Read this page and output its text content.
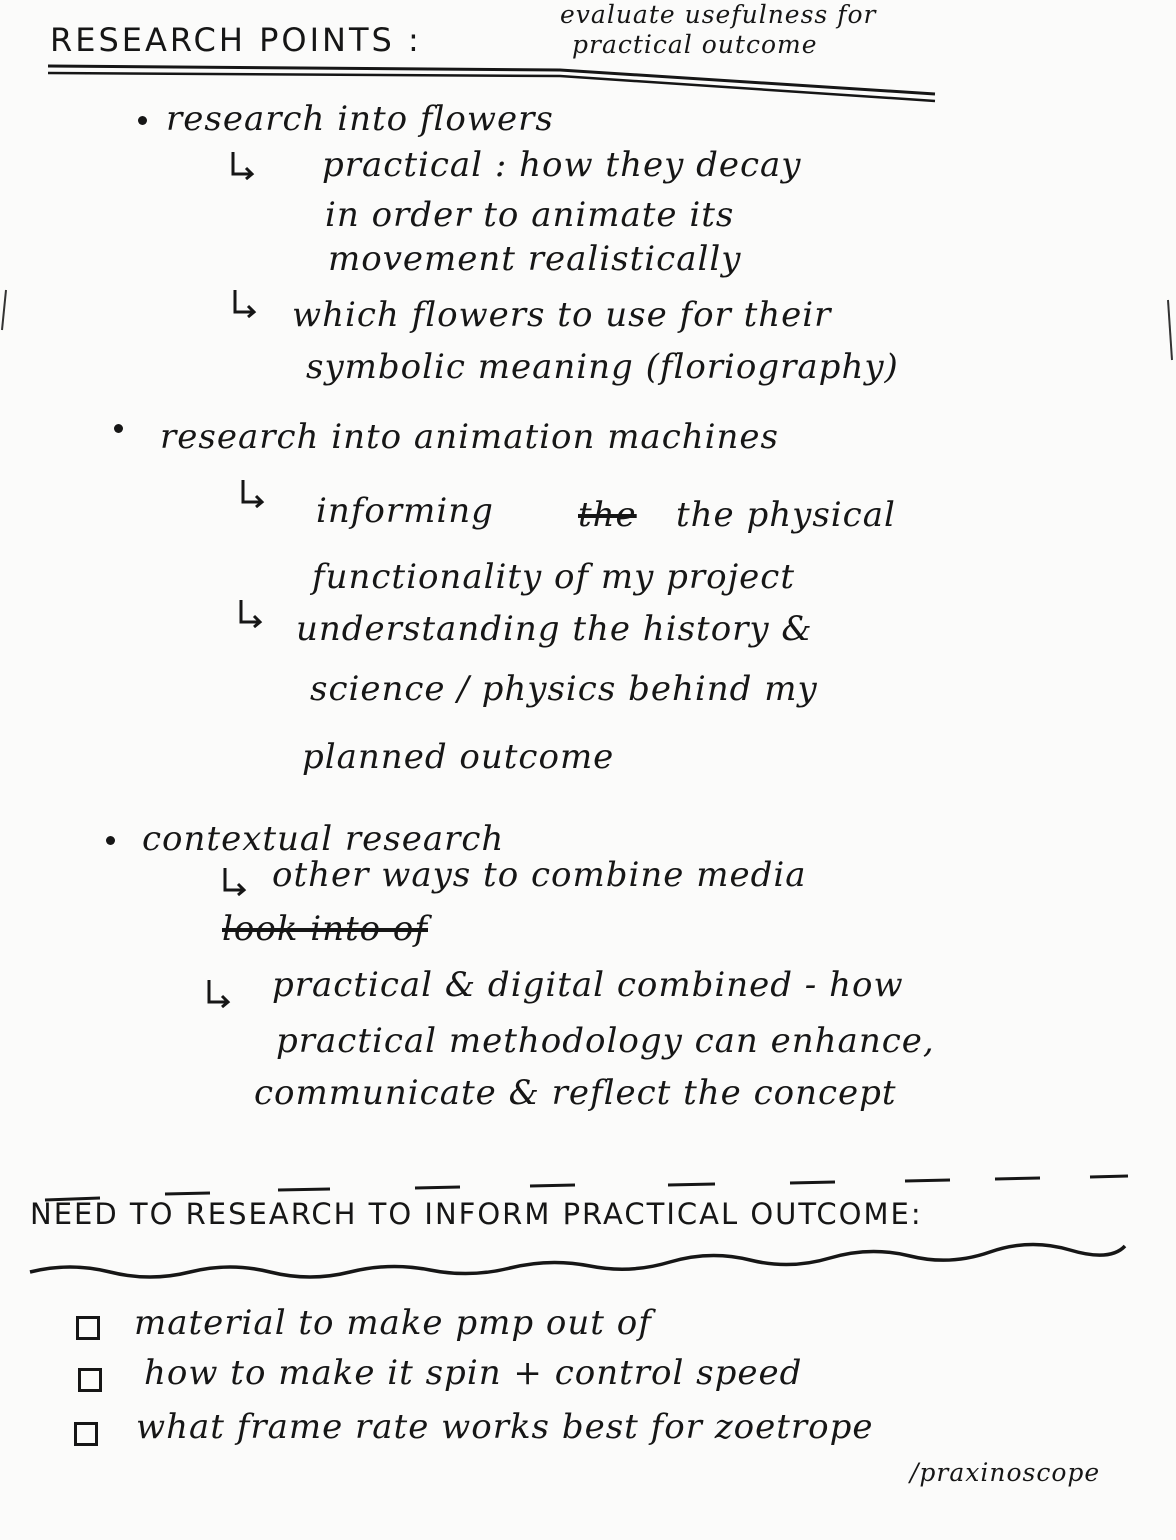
RESEARCH POINTS :
evaluate usefulness for
practical outcome
research into flowers
practical : how they decay
in order to animate its
movement realistically
which flowers to use for their
symbolic meaning (floriography)
research into animation machines
informing the the physical
functionality of my project
understanding the history &
science / physics behind my
planned outcome
contextual research
other ways to combine media
look into of
practical & digital combined - how
practical methodology can enhance,
communicate & reflect the concept
NEED TO RESEARCH TO INFORM PRACTICAL OUTCOME:
material to make pmp out of
how to make it spin + control speed
what frame rate works best for zoetrope
/praxinoscope
